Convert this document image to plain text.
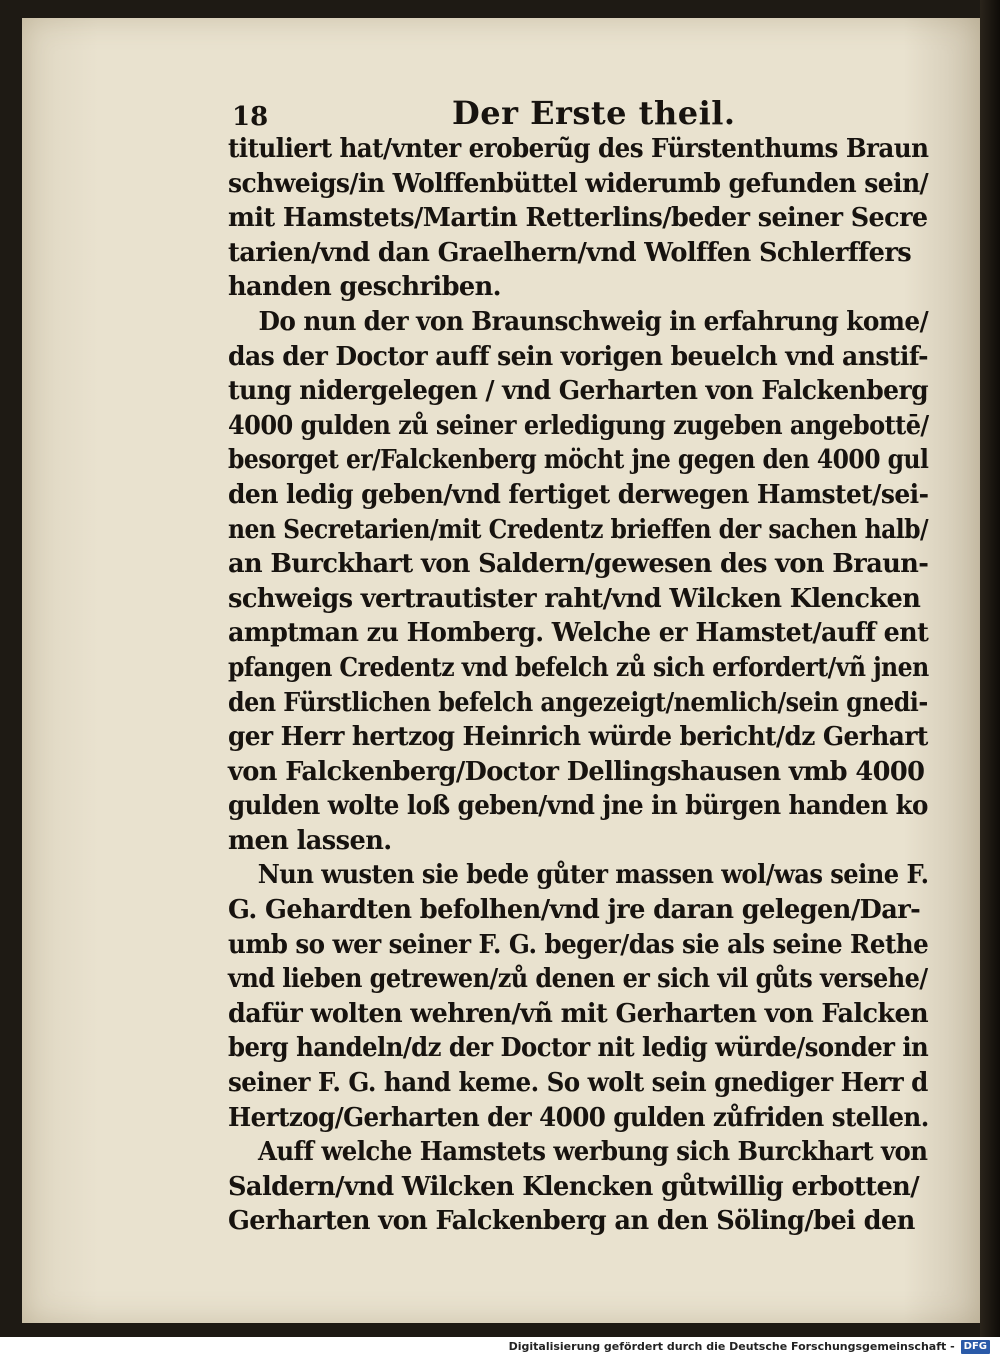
18	Der Erste theil.
tituliert hat/vnter eroberũg des Fürstenthums Braun
schweigs/in Wolffenbüttel widerumb gefunden sein/
mit Hamstets/Martin Retterlins/beder seiner Secre
tarien/vnd dan Graelhern/vnd Wolffen Schlerffers
handen geschriben.
Do nun der von Braunschweig in erfahrung kome/
das der Doctor auff sein vorigen beuelch vnd anstif-
tung nidergelegen / vnd Gerharten von Falckenberg
4000 gulden zů seiner erledigung zugeben angebottē/
besorget er/Falckenberg möcht jne gegen den 4000 gul
den ledig geben/vnd fertiget derwegen Hamstet/sei-
nen Secretarien/mit Credentz brieffen der sachen halb/
an Burckhart von Saldern/gewesen des von Braun-
schweigs vertrautister raht/vnd Wilcken Klencken
amptman zu Homberg. Welche er Hamstet/auff ent
pfangen Credentz vnd befelch zů sich erfordert/vñ jnen
den Fürstlichen befelch angezeigt/nemlich/sein gnedi-
ger Herr hertzog Heinrich würde bericht/dz Gerhart
von Falckenberg/Doctor Dellingshausen vmb 4000
gulden wolte loß geben/vnd jne in bürgen handen ko
men lassen.
Nun wusten sie bede gůter massen wol/was seine F.
G. Gehardten befolhen/vnd jre daran gelegen/Dar-
umb so wer seiner F. G. beger/das sie als seine Rethe
vnd lieben getrewen/zů denen er sich vil gůts versehe/
dafür wolten wehren/vñ mit Gerharten von Falcken
berg handeln/dz der Doctor nit ledig würde/sonder in
seiner F. G. hand keme. So wolt sein gnediger Herr d
Hertzog/Gerharten der 4000 gulden zůfriden stellen.
Auff welche Hamstets werbung sich Burckhart von
Saldern/vnd Wilcken Klencken gůtwillig erbotten/
Gerharten von Falckenberg an den Söling/bei den
Digitalisierung gefördert durch die Deutsche Forschungsgemeinschaft - DFG
